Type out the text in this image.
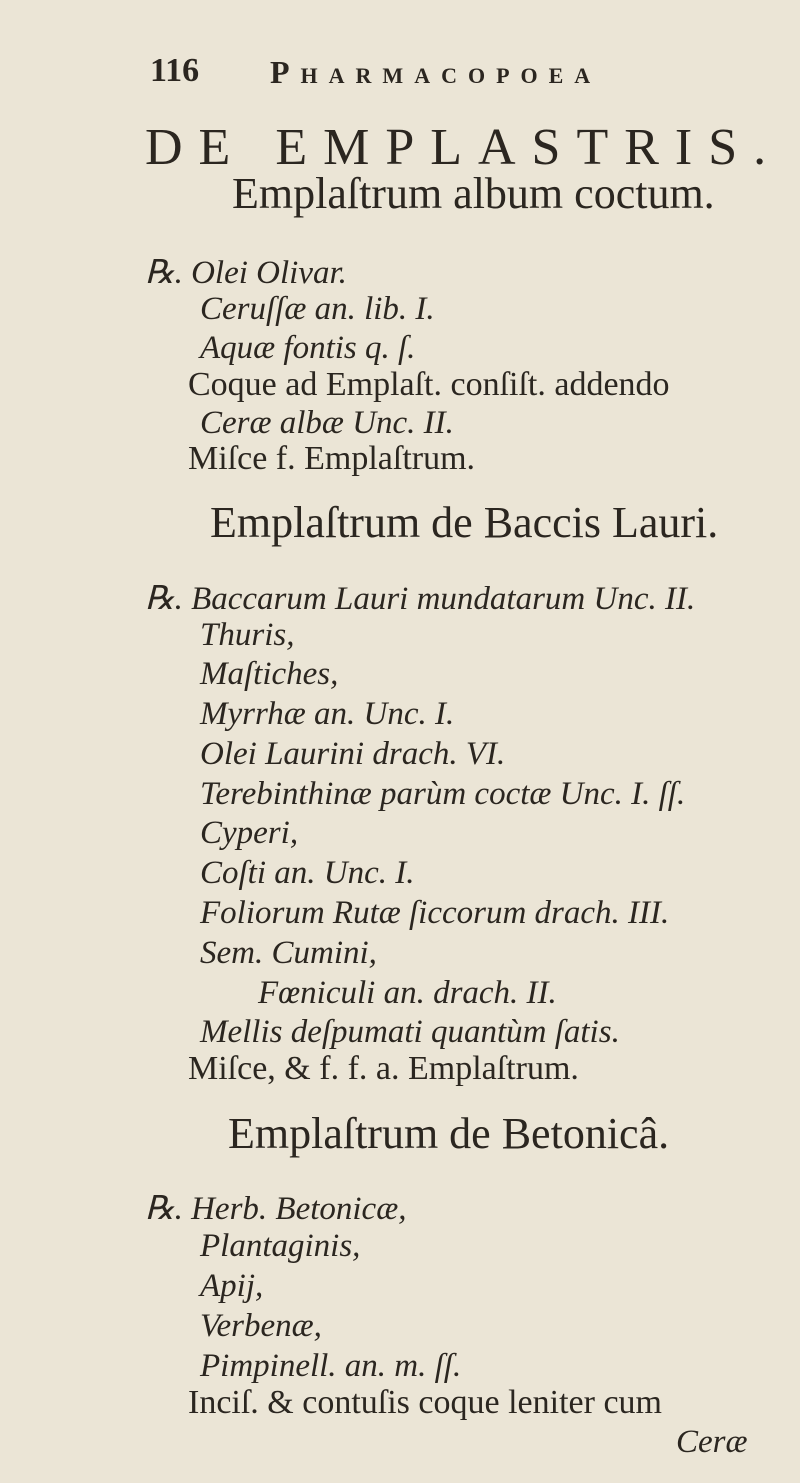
116 Pharmacopoea
DE EMPLASTRIS.
Emplaſtrum album coctum.
℞. Olei Olivar.
Ceruſſæ an. lib. I.
Aquæ fontis q. ſ.
Coque ad Emplaſt. conſiſt. addendo
Ceræ albæ Unc. II.
Miſce f. Emplaſtrum.
Emplaſtrum de Baccis Lauri.
℞. Baccarum Lauri mundatarum Unc. II.
Thuris,
Maſtiches,
Myrrhæ an. Unc. I.
Olei Laurini drach. VI.
Terebinthinæ parùm coctæ Unc. I. ſſ.
Cyperi,
Coſti an. Unc. I.
Foliorum Rutæ ſiccorum drach. III.
Sem. Cumini,
Fœniculi an. drach. II.
Mellis deſpumati quantùm ſatis.
Miſce, & f. f. a. Emplaſtrum.
Emplaſtrum de Betonicâ.
℞. Herb. Betonicæ,
Plantaginis,
Apij,
Verbenæ,
Pimpinell. an. m. ſſ.
Inciſ. & contuſis coque leniter cum
Ceræ
